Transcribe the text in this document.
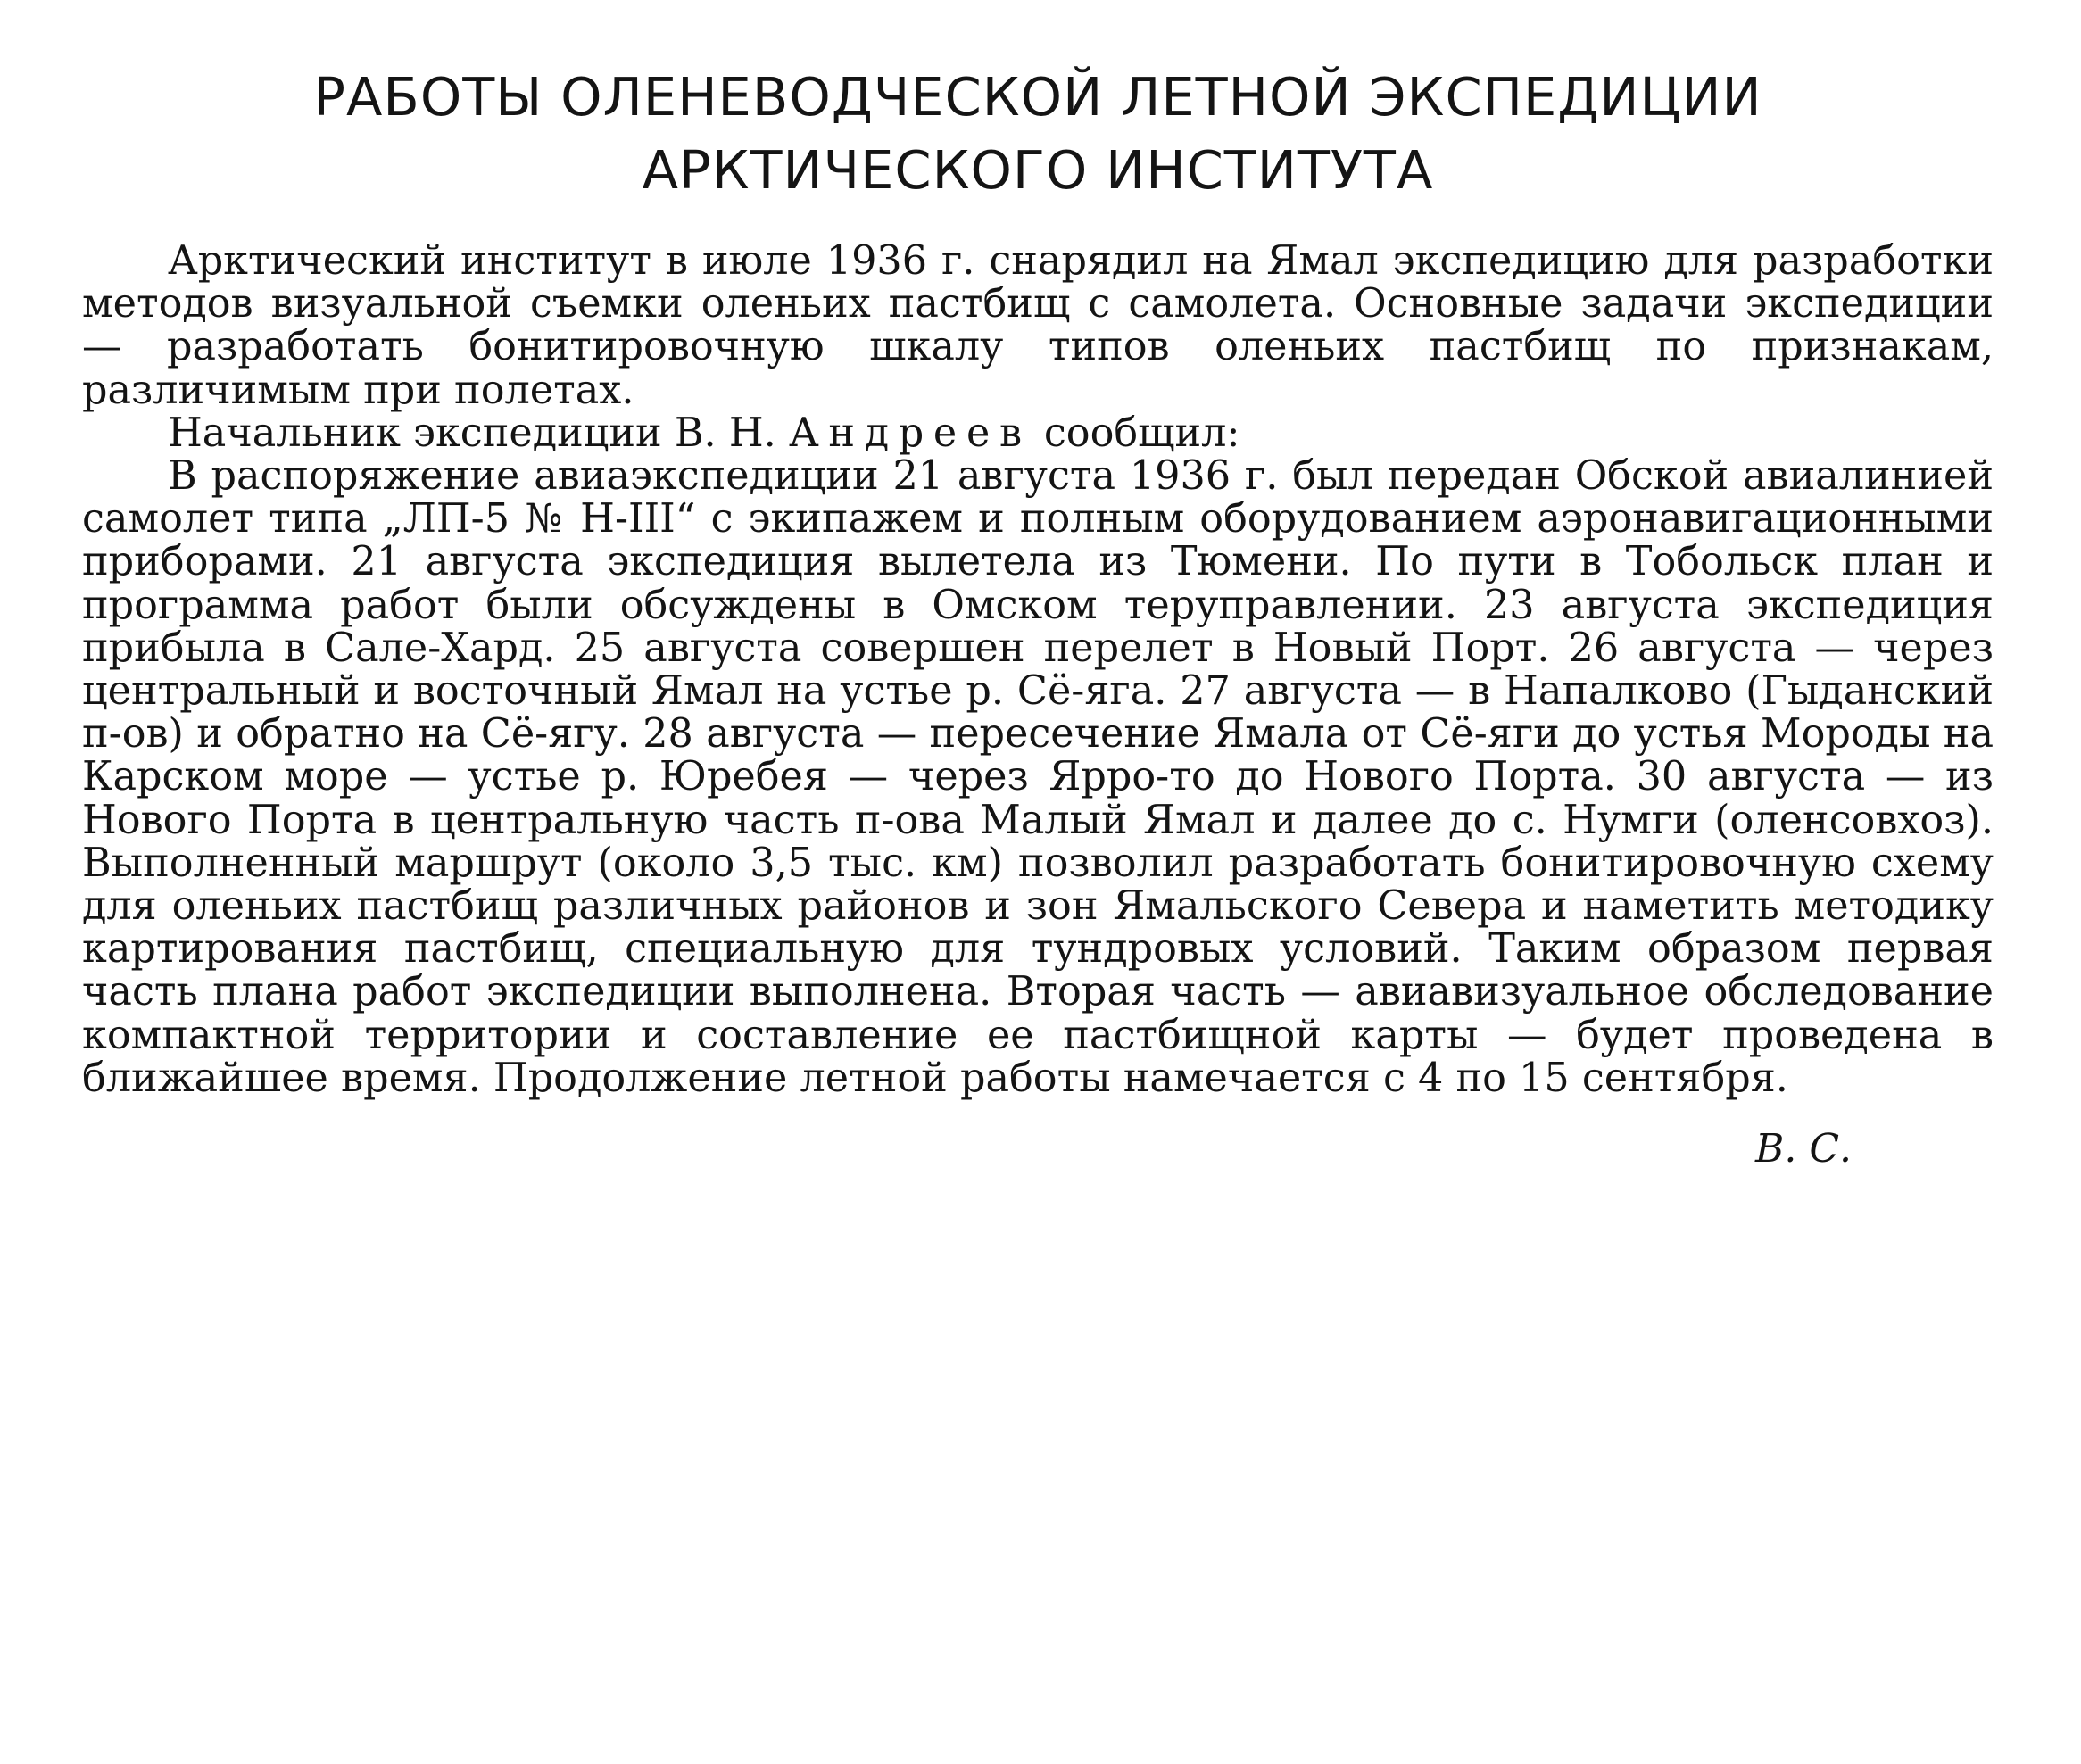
РАБОТЫ ОЛЕНЕВОДЧЕСКОЙ ЛЕТНОЙ ЭКСПЕДИЦИИ
АРКТИЧЕСКОГО ИНСТИТУТА

Арктический институт в июле 1936 г. снарядил на Ямал экспедицию для разработки методов визуальной съемки оленьих пастбищ с самолета. Основные задачи экспедиции — разработать бонитировочную шкалу типов оленьих пастбищ по признакам, различимым при полетах.

Начальник экспедиции В. Н. Андреев сообщил:

В распоряжение авиаэкспедиции 21 августа 1936 г. был передан Обской авиалинией самолет типа „ЛП-5 № Н-III“ с экипажем и полным оборудованием аэронавигационными приборами. 21 августа экспедиция вылетела из Тюмени. По пути в Тобольск план и программа работ были обсуждены в Омском теруправлении. 23 августа экспедиция прибыла в Сале-Хард. 25 августа совершен перелет в Новый Порт. 26 августа — через центральный и восточный Ямал на устье р. Сё-яга. 27 августа — в Напалково (Гыданский п-ов) и обратно на Сё-ягу. 28 августа — пересечение Ямала от Сё-яги до устья Мороды на Карском море — устье р. Юребея — через Ярро-то до Нового Порта. 30 августа — из Нового Порта в центральную часть п-ова Малый Ямал и далее до с. Нумги (оленсовхоз). Выполненный маршрут (около 3,5 тыс. км) позволил разработать бонитировочную схему для оленьих пастбищ различных районов и зон Ямальского Севера и наметить методику картирования пастбищ, специальную для тундровых условий. Таким образом первая часть плана работ экспедиции выполнена. Вторая часть — авиавизуальное обследование компактной территории и составление ее пастбищной карты — будет проведена в ближайшее время. Продолжение летной работы намечается с 4 по 15 сентября.

В. С.
